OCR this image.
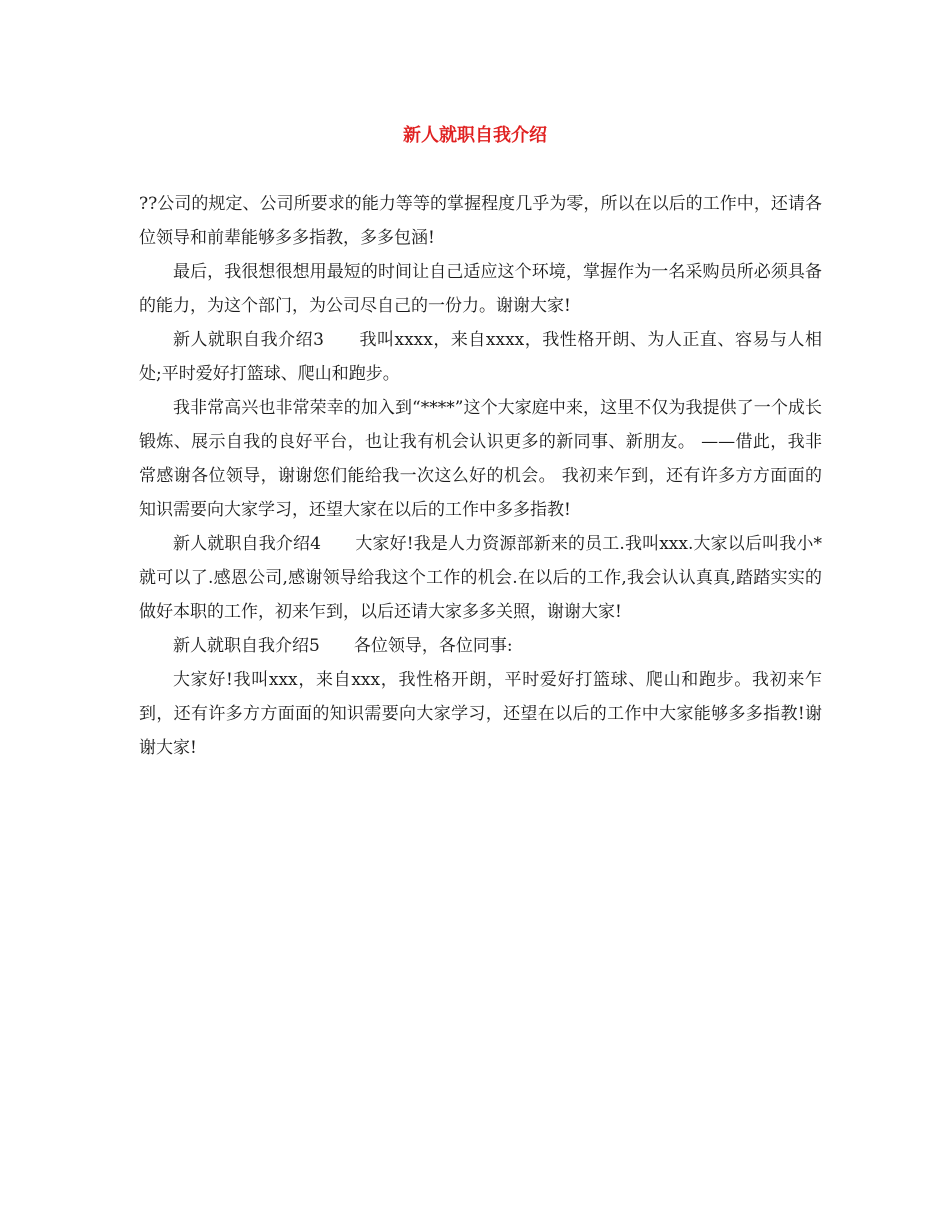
新人就职自我介绍

??公司的规定、公司所要求的能力等等的掌握程度几乎为零，所以在以后的工作中，还请各位领导和前辈能够多多指教，多多包涵!

最后，我很想很想用最短的时间让自己适应这个环境，掌握作为一名采购员所必须具备的能力，为这个部门，为公司尽自己的一份力。谢谢大家!

新人就职自我介绍3　　我叫xxxx，来自xxxx，我性格开朗、为人正直、容易与人相处;平时爱好打篮球、爬山和跑步。

我非常高兴也非常荣幸的加入到“****”这个大家庭中来，这里不仅为我提供了一个成长锻炼、展示自我的良好平台，也让我有机会认识更多的新同事、新朋友。 ——借此，我非常感谢各位领导，谢谢您们能给我一次这么好的机会。 我初来乍到，还有许多方方面面的知识需要向大家学习，还望大家在以后的工作中多多指教!

新人就职自我介绍4　　大家好!我是人力资源部新来的员工.我叫xxx.大家以后叫我小*就可以了.感恩公司,感谢领导给我这个工作的机会.在以后的工作,我会认认真真,踏踏实实的做好本职的工作，初来乍到，以后还请大家多多关照，谢谢大家!

新人就职自我介绍5　　各位领导，各位同事:

大家好!我叫xxx，来自xxx，我性格开朗，平时爱好打篮球、爬山和跑步。我初来乍到，还有许多方方面面的知识需要向大家学习，还望在以后的工作中大家能够多多指教!谢谢大家!
